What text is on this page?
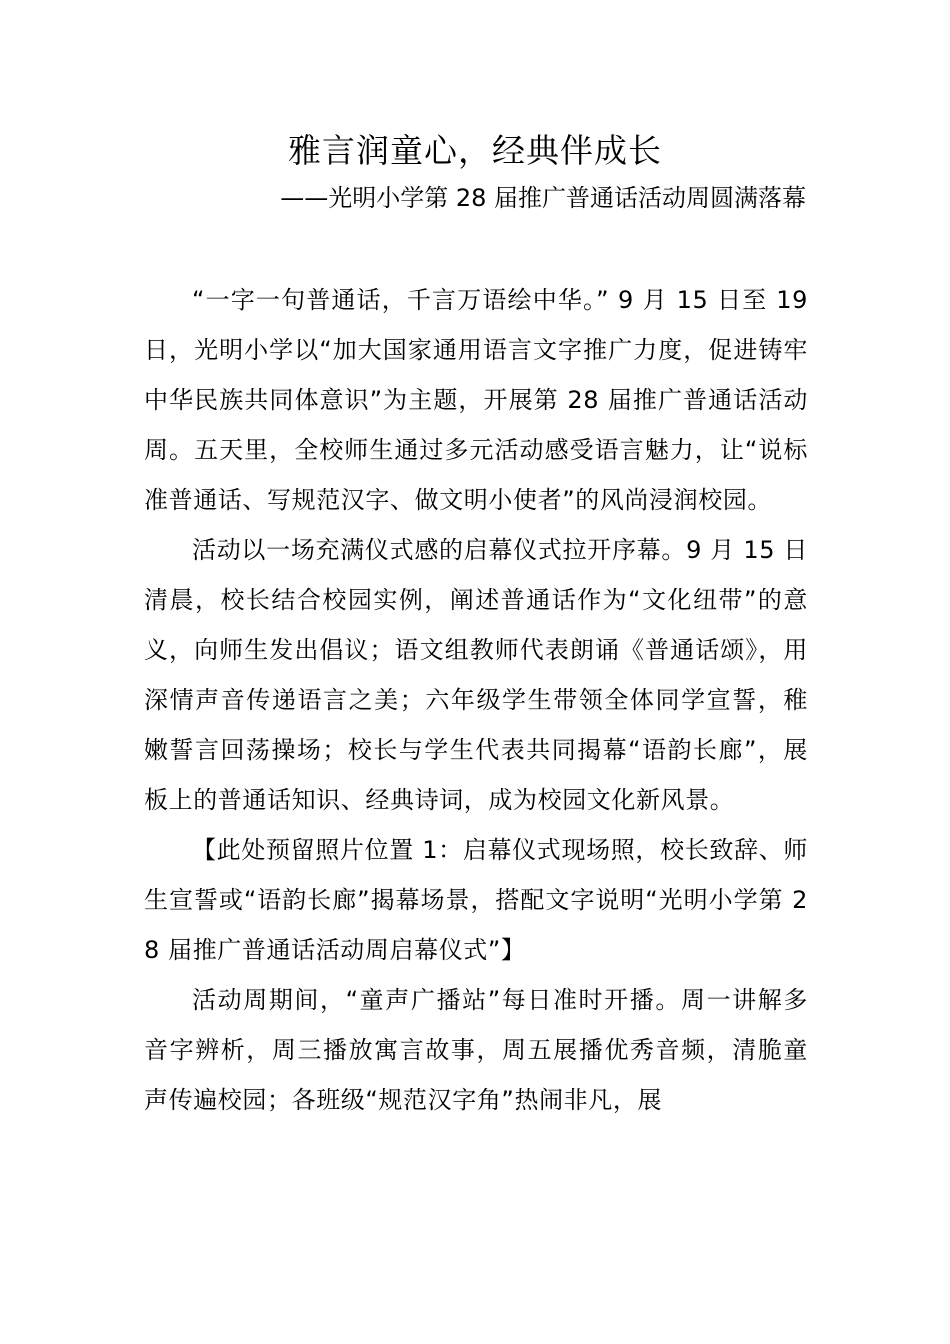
雅言润童心，经典伴成长
——光明小学第 28 届推广普通话活动周圆满落幕

“一字一句普通话，千言万语绘中华。” 9 月 15 日至 19 日，光明小学以“加大国家通用语言文字推广力度，促进铸牢中华民族共同体意识”为主题，开展第 28 届推广普通话活动周。五天里，全校师生通过多元活动感受语言魅力，让“说标准普通话、写规范汉字、做文明小使者”的风尚浸润校园。

活动以一场充满仪式感的启幕仪式拉开序幕。9 月 15 日清晨，校长结合校园实例，阐述普通话作为“文化纽带”的意义，向师生发出倡议；语文组教师代表朗诵《普通话颂》，用深情声音传递语言之美；六年级学生带领全体同学宣誓，稚嫩誓言回荡操场；校长与学生代表共同揭幕“语韵长廊”，展板上的普通话知识、经典诗词，成为校园文化新风景。

【此处预留照片位置 1：启幕仪式现场照，校长致辞、师生宣誓或“语韵长廊”揭幕场景，搭配文字说明“光明小学第 28 届推广普通话活动周启幕仪式”】

活动周期间，“童声广播站”每日准时开播。周一讲解多音字辨析，周三播放寓言故事，周五展播优秀音频，清脆童声传遍校园；各班级“规范汉字角”热闹非凡，展
